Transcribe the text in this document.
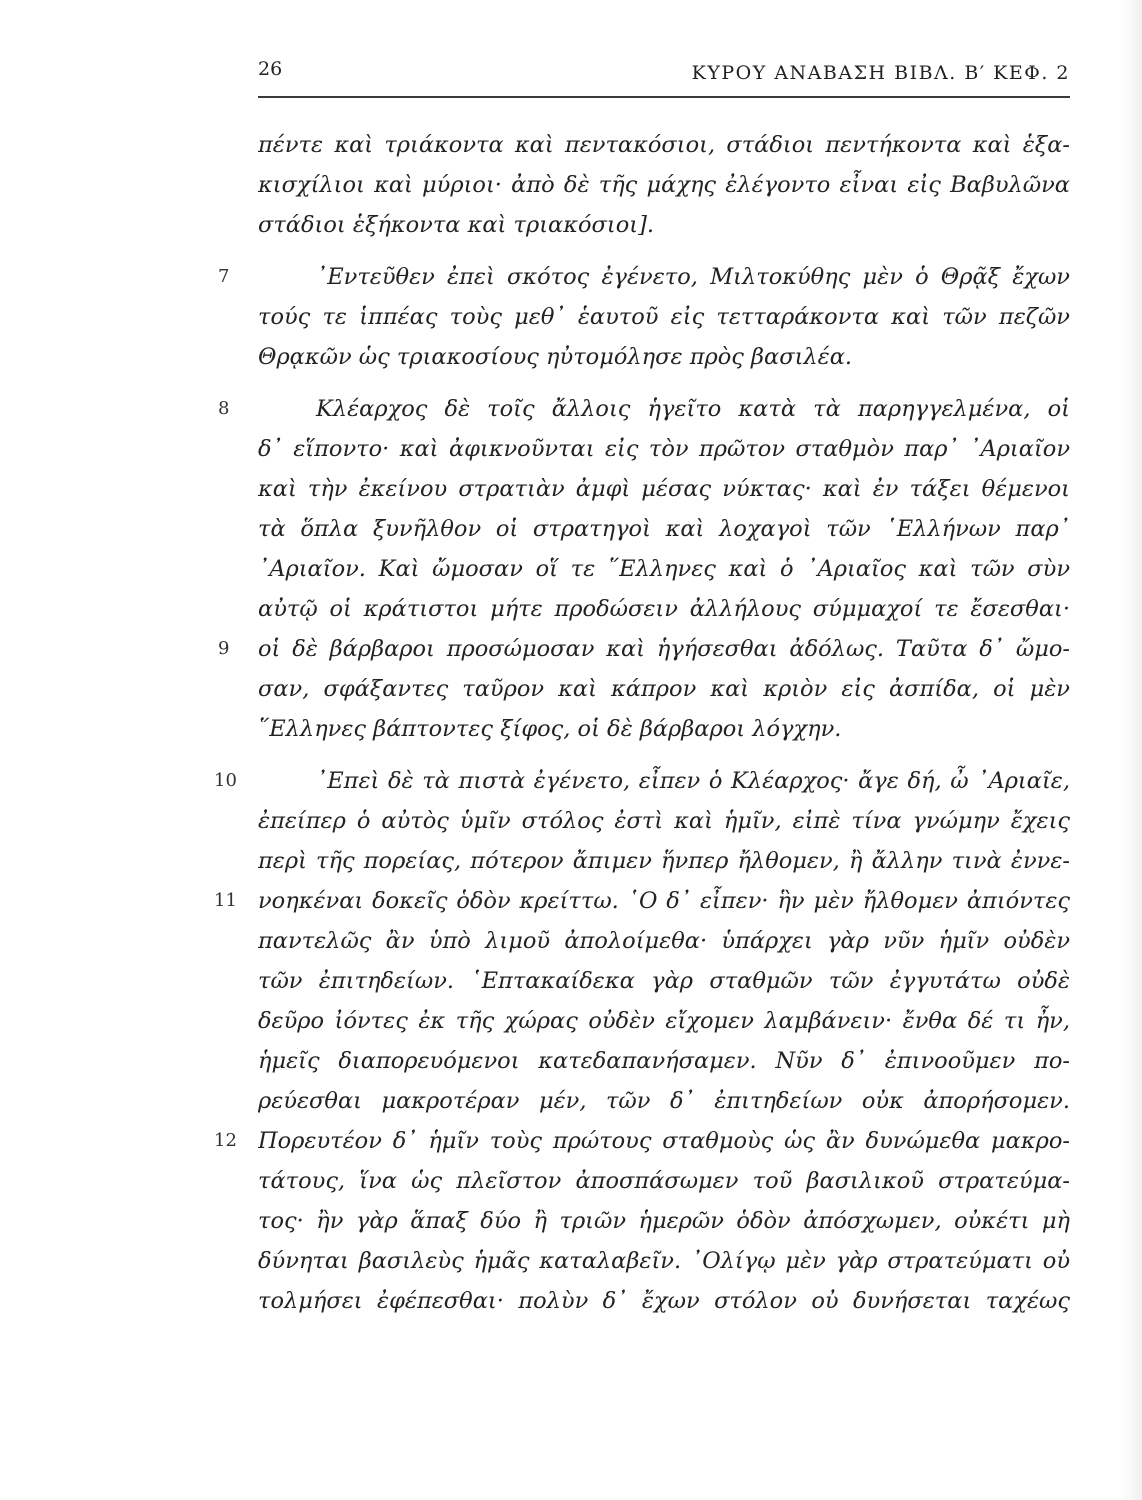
26	ΚΥΡΟΥ ΑΝΑΒΑΣΗ ΒΙΒΛ. Β′ ΚΕΦ. 2
πέντε καὶ τριάκοντα καὶ πεντακόσιοι, στάδιοι πεντήκοντα καὶ ἑξα-
κισχίλιοι καὶ μύριοι· ἀπὸ δὲ τῆς μάχης ἐλέγοντο εἶναι εἰς Βαβυλῶνα
στάδιοι ἑξήκοντα καὶ τριακόσιοι].
7	᾿Εντεῦθεν ἐπεὶ σκότος ἐγένετο, Μιλτοκύθης μὲν ὁ Θρᾷξ ἔχων
τούς τε ἱππέας τοὺς μεθ᾿ ἑαυτοῦ εἰς τετταράκοντα καὶ τῶν πεζῶν
Θρᾳκῶν ὡς τριακοσίους ηὐτομόλησε πρὸς βασιλέα.
8	Κλέαρχος δὲ τοῖς ἄλλοις ἡγεῖτο κατὰ τὰ παρηγγελμένα, οἱ
δ᾿ εἵποντο· καὶ ἀφικνοῦνται εἰς τὸν πρῶτον σταθμὸν παρ᾿ ᾿Αριαῖον
καὶ τὴν ἐκείνου στρατιὰν ἀμφὶ μέσας νύκτας· καὶ ἐν τάξει θέμενοι
τὰ ὅπλα ξυνῆλθον οἱ στρατηγοὶ καὶ λοχαγοὶ τῶν ῾Ελλήνων παρ᾿
᾿Αριαῖον. Καὶ ὤμοσαν οἵ τε ῞Ελληνες καὶ ὁ ᾿Αριαῖος καὶ τῶν σὺν
αὐτῷ οἱ κράτιστοι μήτε προδώσειν ἀλλήλους σύμμαχοί τε ἔσεσθαι·
9	οἱ δὲ βάρβαροι προσώμοσαν καὶ ἡγήσεσθαι ἀδόλως. Ταῦτα δ᾿ ὤμο-
σαν, σφάξαντες ταῦρον καὶ κάπρον καὶ κριὸν εἰς ἀσπίδα, οἱ μὲν
῞Ελληνες βάπτοντες ξίφος, οἱ δὲ βάρβαροι λόγχην.
10	᾿Επεὶ δὲ τὰ πιστὰ ἐγένετο, εἶπεν ὁ Κλέαρχος· ἄγε δή, ὦ ᾿Αριαῖε,
ἐπείπερ ὁ αὐτὸς ὑμῖν στόλος ἐστὶ καὶ ἡμῖν, εἰπὲ τίνα γνώμην ἔχεις
περὶ τῆς πορείας, πότερον ἄπιμεν ἥνπερ ἤλθομεν, ἢ ἄλλην τινὰ ἐννε-
11 νοηκέναι δοκεῖς ὁδὸν κρείττω. ῾Ο δ᾿ εἶπεν· ἣν μὲν ἤλθομεν ἀπιόντες
παντελῶς ἂν ὑπὸ λιμοῦ ἀπολοίμεθα· ὑπάρχει γὰρ νῦν ἡμῖν οὐδὲν
τῶν ἐπιτηδείων. ῾Επτακαίδεκα γὰρ σταθμῶν τῶν ἐγγυτάτω οὐδὲ
δεῦρο ἰόντες ἐκ τῆς χώρας οὐδὲν εἴχομεν λαμβάνειν· ἔνθα δέ τι ἦν,
ἡμεῖς διαπορευόμενοι κατεδαπανήσαμεν. Νῦν δ᾿ ἐπινοοῦμεν πο-
ρεύεσθαι μακροτέραν μέν, τῶν δ᾿ ἐπιτηδείων οὐκ ἀπορήσομεν.
12 Πορευτέον δ᾿ ἡμῖν τοὺς πρώτους σταθμοὺς ὡς ἂν δυνώμεθα μακρο-
τάτους, ἵνα ὡς πλεῖστον ἀποσπάσωμεν τοῦ βασιλικοῦ στρατεύμα-
τος· ἢν γὰρ ἅπαξ δύο ἢ τριῶν ἡμερῶν ὁδὸν ἀπόσχωμεν, οὐκέτι μὴ
δύνηται βασιλεὺς ἡμᾶς καταλαβεῖν. ᾿Ολίγῳ μὲν γὰρ στρατεύματι οὐ
τολμήσει ἐφέπεσθαι· πολὺν δ᾿ ἔχων στόλον οὐ δυνήσεται ταχέως
